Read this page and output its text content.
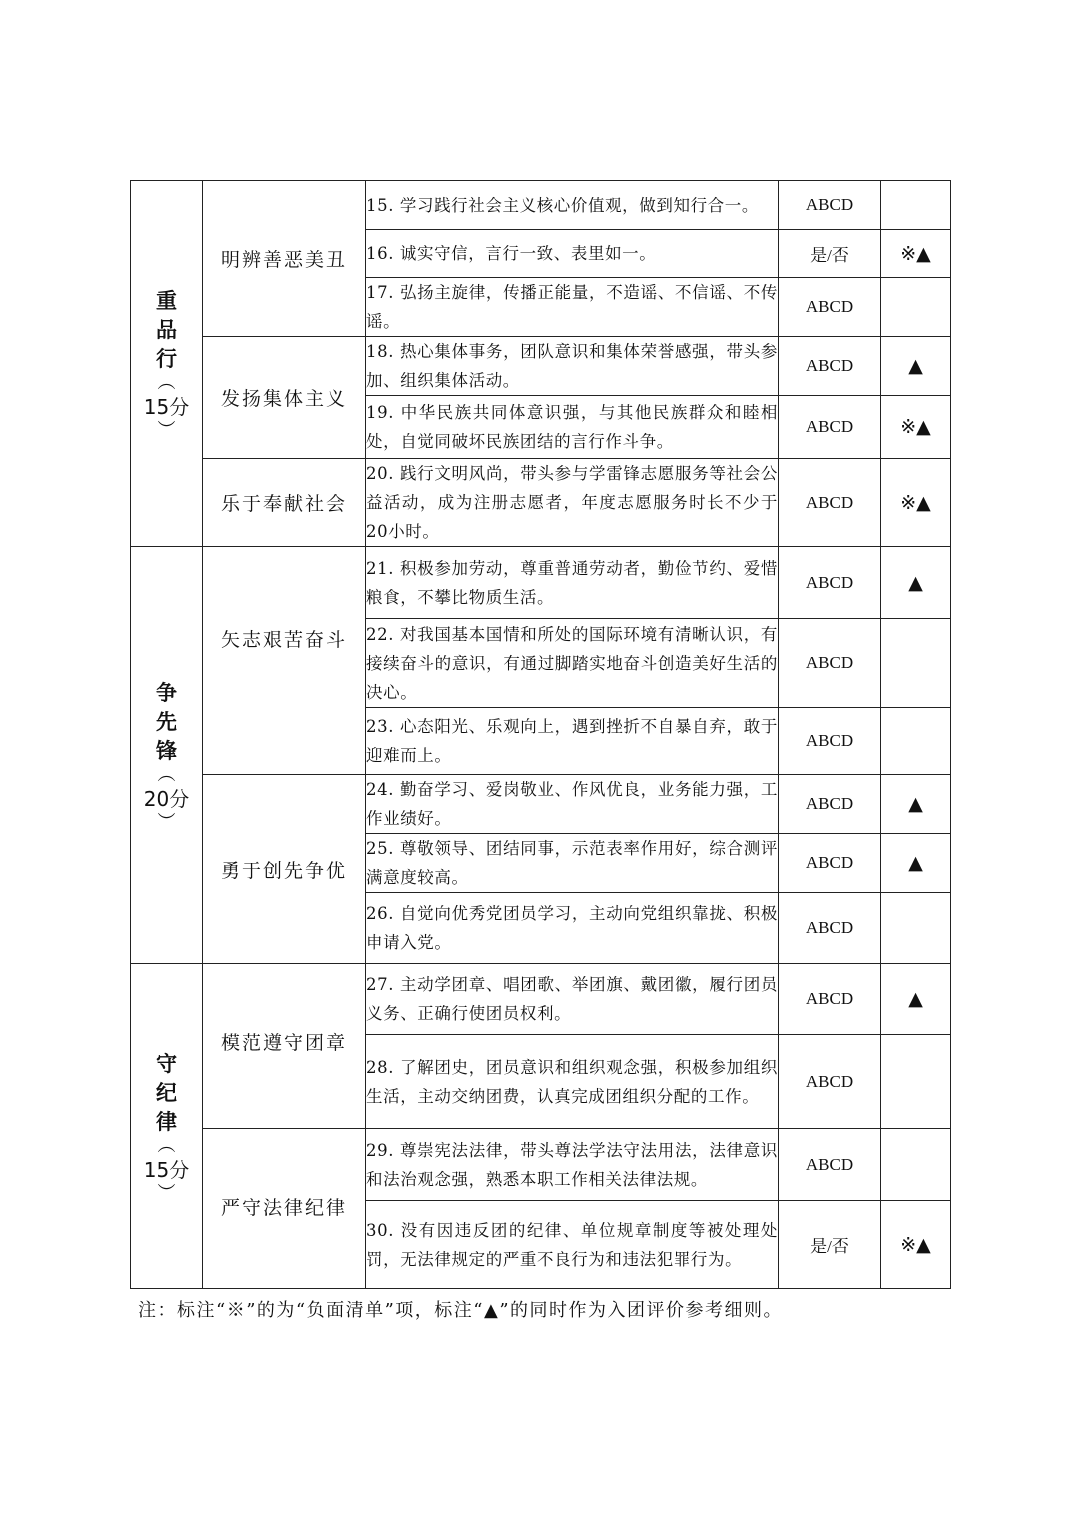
重
品
行
︵
15分
︶
	明辨善恶美丑	15. 学习践行社会主义核心价值观，做到知行合一。	ABCD	
		16. 诚实守信，言行一致、表里如一。	是/否	※▲
		17. 弘扬主旋律，传播正能量，不造谣、不信谣、不传谣。	ABCD	
	发扬集体主义	18. 热心集体事务，团队意识和集体荣誉感强，带头参加、组织集体活动。	ABCD	▲
		19. 中华民族共同体意识强，与其他民族群众和睦相处，自觉同破坏民族团结的言行作斗争。	ABCD	※▲
	乐于奉献社会	20. 践行文明风尚，带头参与学雷锋志愿服务等社会公益活动，成为注册志愿者，年度志愿服务时长不少于20小时。	ABCD	※▲

争
先
锋
︵
20分
︶
	矢志艰苦奋斗	21. 积极参加劳动，尊重普通劳动者，勤俭节约、爱惜粮食，不攀比物质生活。	ABCD	▲
		22. 对我国基本国情和所处的国际环境有清晰认识，有接续奋斗的意识，有通过脚踏实地奋斗创造美好生活的决心。	ABCD	
		23. 心态阳光、乐观向上，遇到挫折不自暴自弃，敢于迎难而上。	ABCD	
	勇于创先争优	24. 勤奋学习、爱岗敬业、作风优良，业务能力强，工作业绩好。	ABCD	▲
		25. 尊敬领导、团结同事，示范表率作用好，综合测评满意度较高。	ABCD	▲
		26. 自觉向优秀党团员学习，主动向党组织靠拢、积极申请入党。	ABCD	

守
纪
律
︵
15分
︶
	模范遵守团章	27. 主动学团章、唱团歌、举团旗、戴团徽，履行团员义务、正确行使团员权利。	ABCD	▲
		28. 了解团史，团员意识和组织观念强，积极参加组织生活，主动交纳团费，认真完成团组织分配的工作。	ABCD	
	严守法律纪律	29. 尊崇宪法法律，带头尊法学法守法用法，法律意识和法治观念强，熟悉本职工作相关法律法规。	ABCD	
		30. 没有因违反团的纪律、单位规章制度等被处理处罚，无法律规定的严重不良行为和违法犯罪行为。	是/否	※▲
注：标注“※”的为“负面清单”项，标注“▲”的同时作为入团评价参考细则。
